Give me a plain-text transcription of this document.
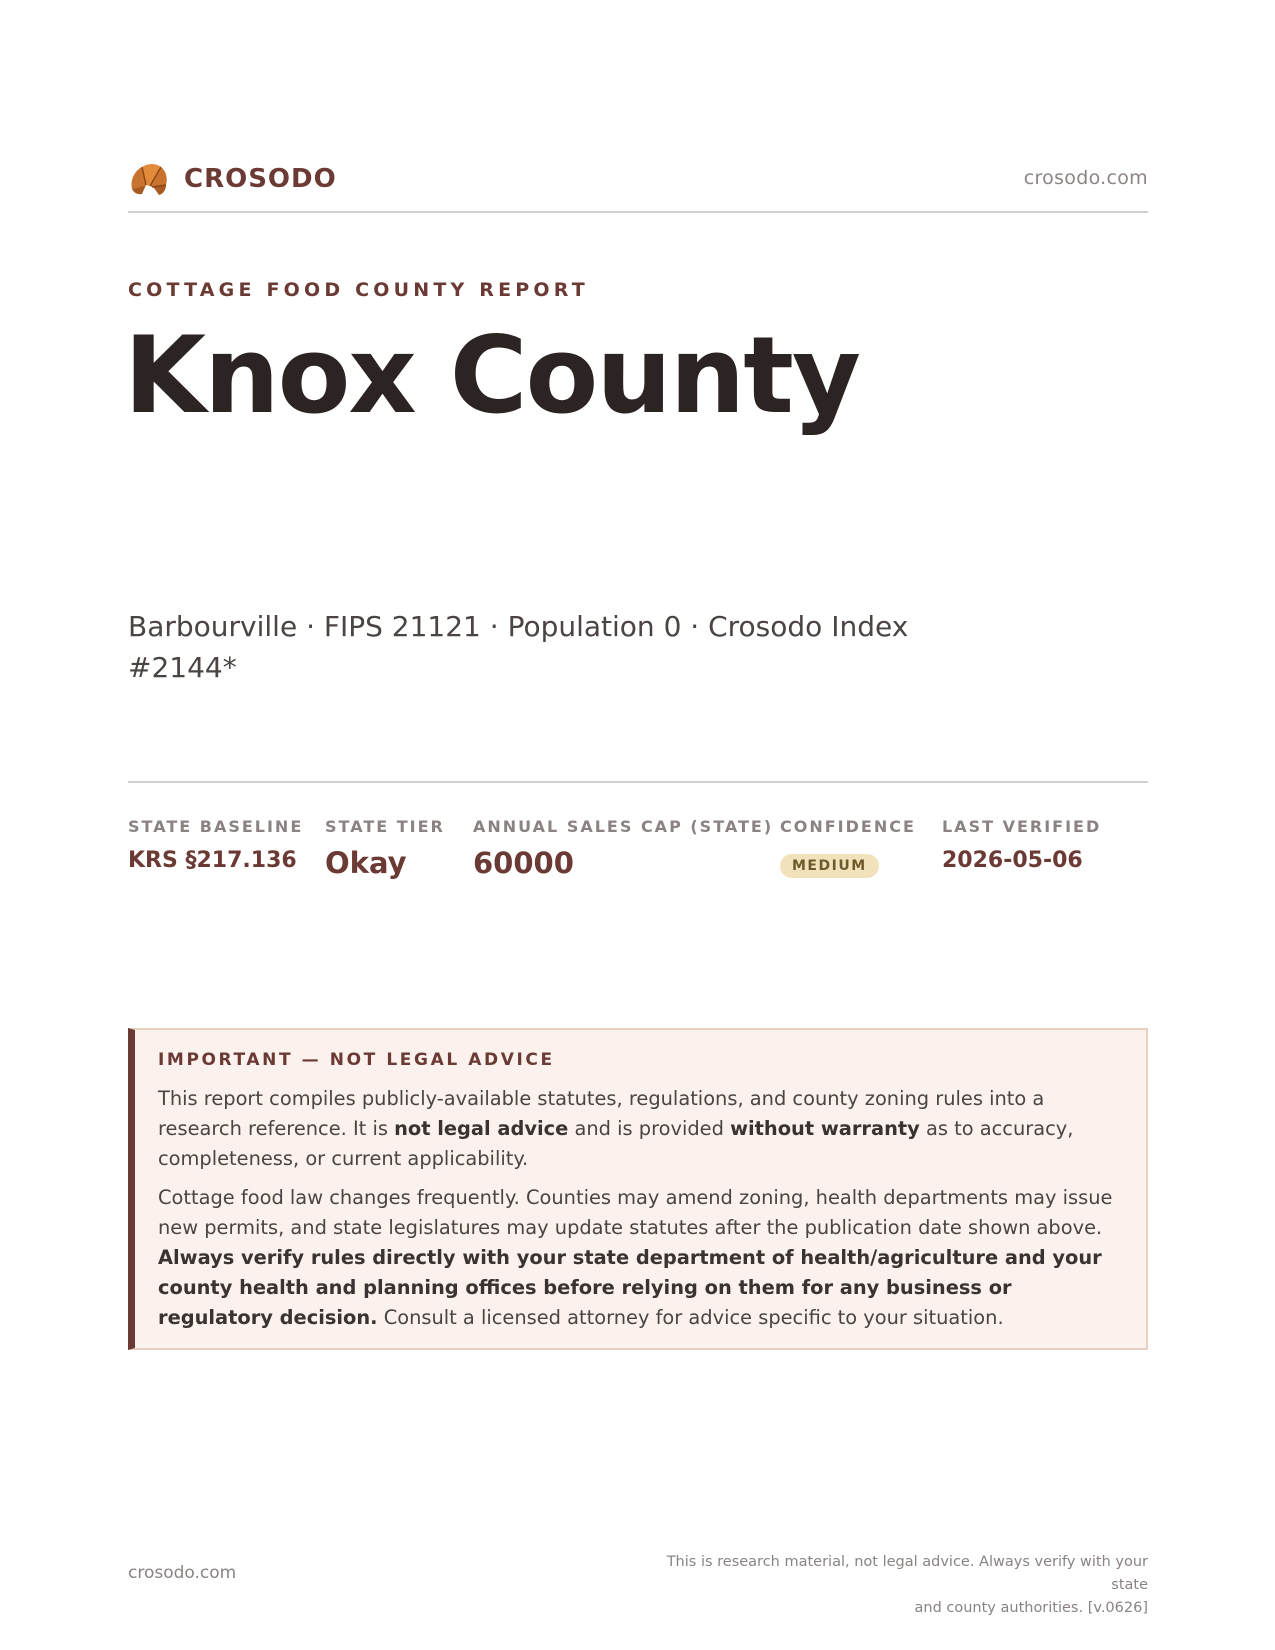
CROSODO	crosodo.com
COTTAGE FOOD COUNTY REPORT
Knox County
Barbourville · FIPS 21121 · Population 0 · Crosodo Index #2144*
STATE BASELINE
KRS §217.136
STATE TIER
Okay
ANNUAL SALES CAP (STATE)
60000
CONFIDENCE
MEDIUM
LAST VERIFIED
2026-05-06
IMPORTANT — NOT LEGAL ADVICE

This report compiles publicly-available statutes, regulations, and county zoning rules into a research reference. It is not legal advice and is provided without warranty as to accuracy, completeness, or current applicability.

Cottage food law changes frequently. Counties may amend zoning, health departments may issue new permits, and state legislatures may update statutes after the publication date shown above. Always verify rules directly with your state department of health/agriculture and your county health and planning offices before relying on them for any business or regulatory decision. Consult a licensed attorney for advice specific to your situation.

crosodo.com
This is research material, not legal advice. Always verify with your state
and county authorities. [v.0626]
